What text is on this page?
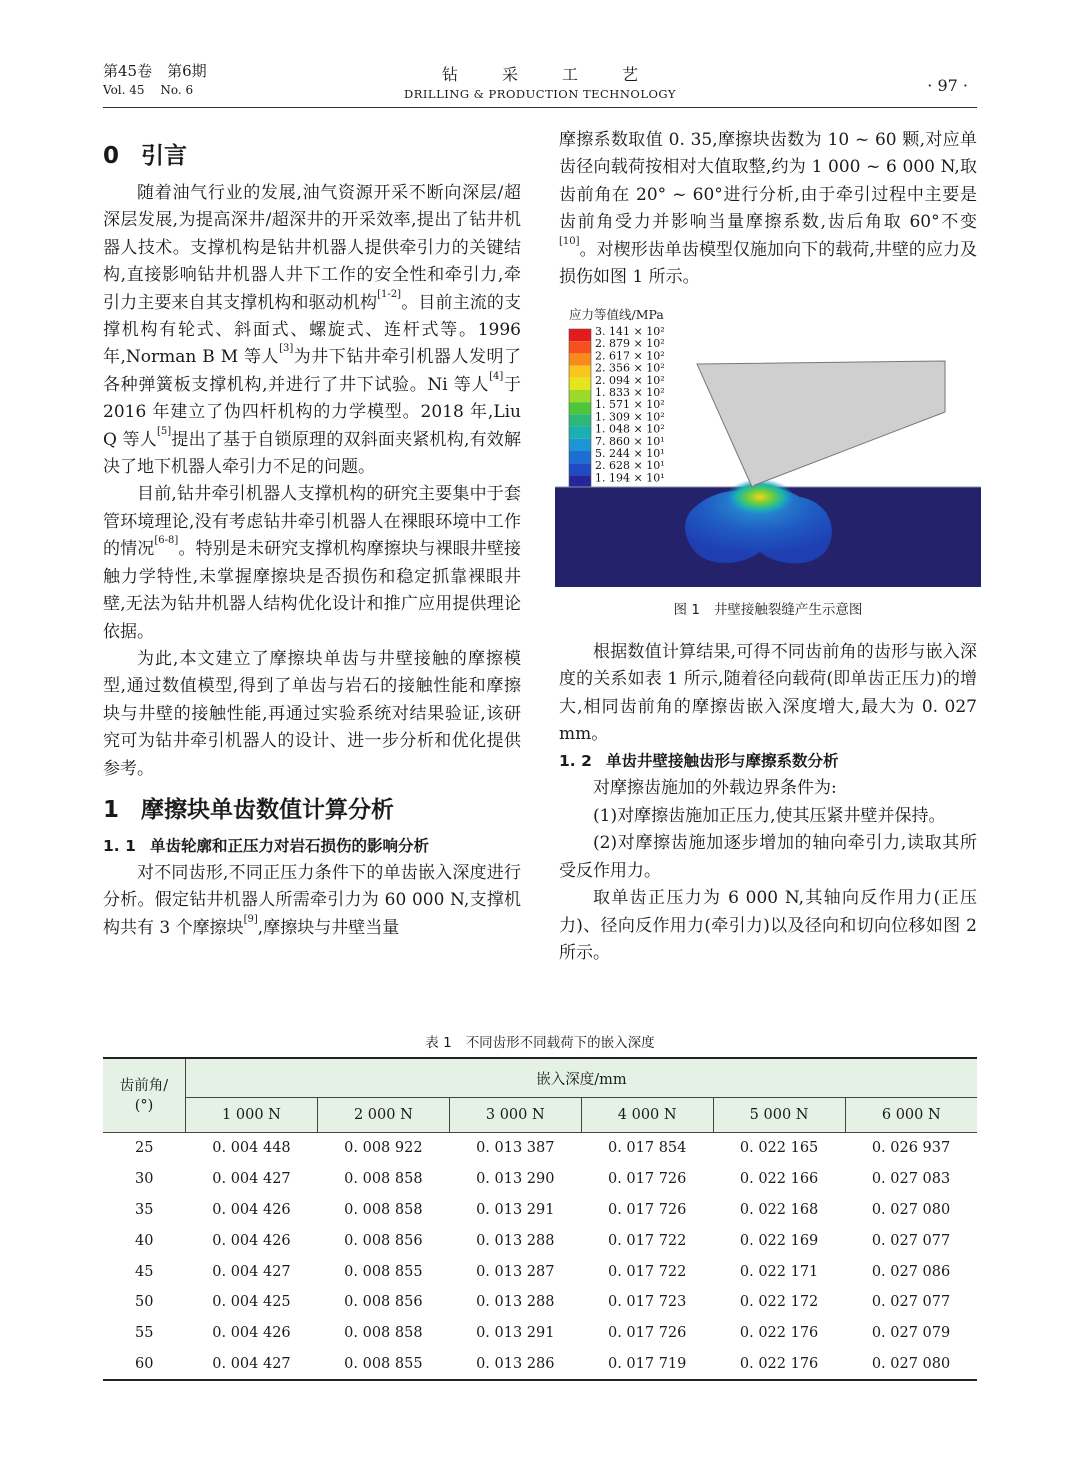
第45卷　第6期
Vol. 45　 No. 6
钻采工艺
DRILLING & PRODUCTION TECHNOLOGY	· 97 ·
0 引言

随着油气行业的发展,油气资源开采不断向深层/超深层发展,为提高深井/超深井的开采效率,提出了钻井机器人技术。支撑机构是钻井机器人提供牵引力的关键结构,直接影响钻井机器人井下工作的安全性和牵引力,牵引力主要来自其支撑机构和驱动机构[1-2]。目前主流的支撑机构有轮式、斜面式、螺旋式、连杆式等。1996 年,Norman B M 等人[3]为井下钻井牵引机器人发明了各种弹簧板支撑机构,并进行了井下试验。Ni 等人[4]于 2016 年建立了伪四杆机构的力学模型。2018 年,Liu Q 等人[5]提出了基于自锁原理的双斜面夹紧机构,有效解决了地下机器人牵引力不足的问题。

目前,钻井牵引机器人支撑机构的研究主要集中于套管环境理论,没有考虑钻井牵引机器人在裸眼环境中工作的情况[6-8]。特别是未研究支撑机构摩擦块与裸眼井壁接触力学特性,未掌握摩擦块是否损伤和稳定抓靠裸眼井壁,无法为钻井机器人结构优化设计和推广应用提供理论依据。

为此,本文建立了摩擦块单齿与井壁接触的摩擦模型,通过数值模型,得到了单齿与岩石的接触性能和摩擦块与井壁的接触性能,再通过实验系统对结果验证,该研究可为钻井牵引机器人的设计、进一步分析和优化提供参考。

1 摩擦块单齿数值计算分析
1. 1 单齿轮廓和正压力对岩石损伤的影响分析

对不同齿形,不同正压力条件下的单齿嵌入深度进行分析。假定钻井机器人所需牵引力为 60 000 N,支撑机构共有 3 个摩擦块[9],摩擦块与井壁当量

摩擦系数取值 0. 35,摩擦块齿数为 10 ~ 60 颗,对应单齿径向载荷按相对大值取整,约为 1 000 ~ 6 000 N,取齿前角在 20° ~ 60°进行分析,由于牵引过程中主要是齿前角受力并影响当量摩擦系数,齿后角取 60°不变[10]。对楔形齿单齿模型仅施加向下的载荷,井壁的应力及损伤如图 1 所示。

应力等值线/MPa
3. 141 × 10²
2. 879 × 10²
2. 617 × 10²
2. 356 × 10²
2. 094 × 10²
1. 833 × 10²
1. 571 × 10²
1. 309 × 10²
1. 048 × 10²
7. 860 × 10¹
5. 244 × 10¹
2. 628 × 10¹
1. 194 × 10¹
图 1 井壁接触裂缝产生示意图

根据数值计算结果,可得不同齿前角的齿形与嵌入深度的关系如表 1 所示,随着径向载荷(即单齿正压力)的增大,相同齿前角的摩擦齿嵌入深度增大,最大为 0. 027 mm。

1. 2 单齿井壁接触齿形与摩擦系数分析

对摩擦齿施加的外载边界条件为:

(1)对摩擦齿施加正压力,使其压紧井壁并保持。

(2)对摩擦齿施加逐步增加的轴向牵引力,读取其所受反作用力。

取单齿正压力为 6 000 N,其轴向反作用力(正压力)、径向反作用力(牵引力)以及径向和切向位移如图 2 所示。

表 1 不同齿形不同载荷下的嵌入深度
齿前角/
(°)	嵌入深度/mm					
	1 000 N	2 000 N	3 000 N	4 000 N	5 000 N	6 000 N
25	0. 004 448	0. 008 922	0. 013 387	0. 017 854	0. 022 165	0. 026 937
30	0. 004 427	0. 008 858	0. 013 290	0. 017 726	0. 022 166	0. 027 083
35	0. 004 426	0. 008 858	0. 013 291	0. 017 726	0. 022 168	0. 027 080
40	0. 004 426	0. 008 856	0. 013 288	0. 017 722	0. 022 169	0. 027 077
45	0. 004 427	0. 008 855	0. 013 287	0. 017 722	0. 022 171	0. 027 086
50	0. 004 425	0. 008 856	0. 013 288	0. 017 723	0. 022 172	0. 027 077
55	0. 004 426	0. 008 858	0. 013 291	0. 017 726	0. 022 176	0. 027 079
60	0. 004 427	0. 008 855	0. 013 286	0. 017 719	0. 022 176	0. 027 080
